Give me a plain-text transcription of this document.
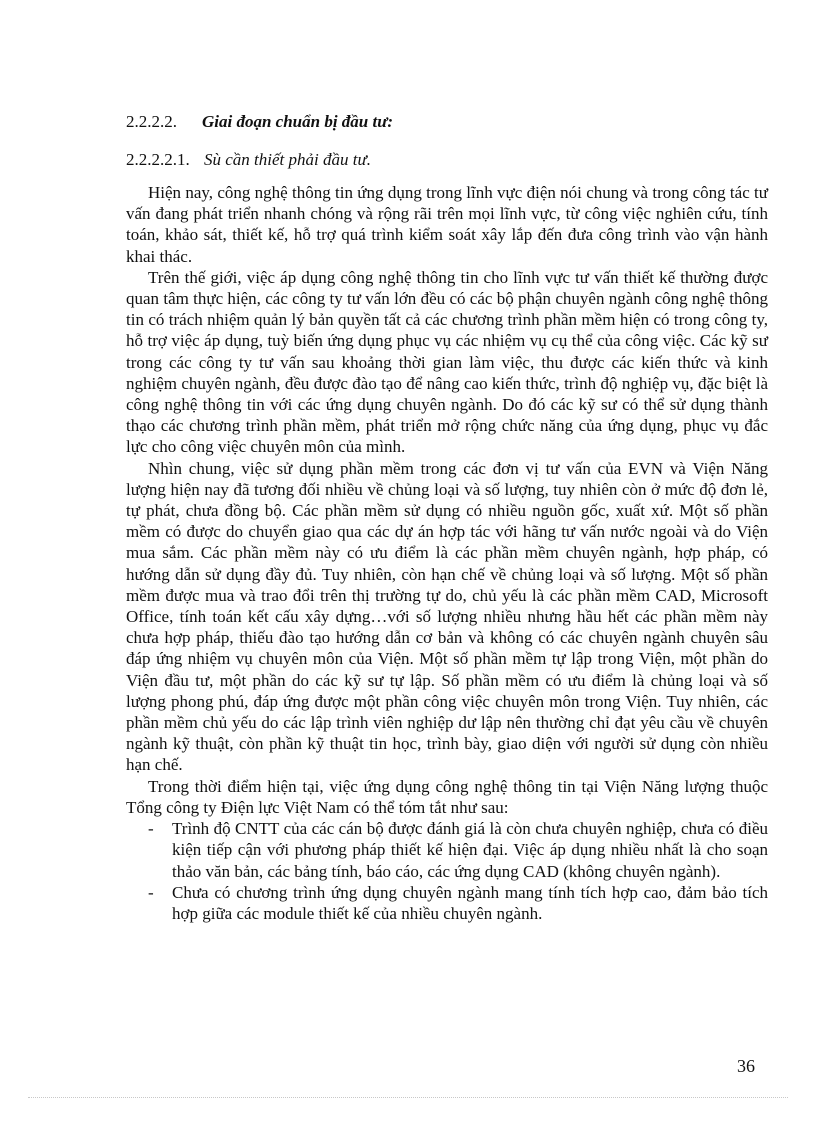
2.2.2.2. Giai đoạn chuẩn bị đầu tư:
2.2.2.2.1. Sù cần thiết phải đầu tư.

Hiện nay, công nghệ thông tin ứng dụng trong lĩnh vực điện nói chung và trong công tác tư vấn đang phát triển nhanh chóng và rộng rãi trên mọi lĩnh vực, từ công việc nghiên cứu, tính toán, khảo sát, thiết kế, hỗ trợ quá trình kiểm soát xây lắp đến đưa công trình vào vận hành khai thác.

Trên thế giới, việc áp dụng công nghệ thông tin cho lĩnh vực tư vấn thiết kế thường được quan tâm thực hiện, các công ty tư vấn lớn đều có các bộ phận chuyên ngành công nghệ thông tin có trách nhiệm quản lý bản quyền tất cả các chương trình phần mềm hiện có trong công ty, hỗ trợ việc áp dụng, tuỳ biến ứng dụng phục vụ các nhiệm vụ cụ thể của công việc. Các kỹ sư trong các công ty tư vấn sau khoảng thời gian làm việc, thu được các kiến thức và kinh nghiệm chuyên ngành, đều được đào tạo để nâng cao kiến thức, trình độ nghiệp vụ, đặc biệt là công nghệ thông tin với các ứng dụng chuyên ngành. Do đó các kỹ sư có thể sử dụng thành thạo các chương trình phần mềm, phát triển mở rộng chức năng của ứng dụng, phục vụ đắc lực cho công việc chuyên môn của mình.

Nhìn chung, việc sử dụng phần mềm trong các đơn vị tư vấn của EVN và Viện Năng lượng hiện nay đã tương đối nhiều về chủng loại và số lượng, tuy nhiên còn ở mức độ đơn lẻ, tự phát, chưa đồng bộ. Các phần mềm sử dụng có nhiều nguồn gốc, xuất xứ. Một số phần mềm có được do chuyển giao qua các dự án hợp tác với hãng tư vấn nước ngoài và do Viện mua sắm. Các phần mềm này có ưu điểm là các phần mềm chuyên ngành, hợp pháp, có hướng dẫn sử dụng đầy đủ. Tuy nhiên, còn hạn chế về chủng loại và số lượng. Một số phần mềm được mua và trao đổi trên thị trường tự do, chủ yếu là các phần mềm CAD, Microsoft Office, tính toán kết cấu xây dựng…với số lượng nhiều nhưng hầu hết các phần mềm này chưa hợp pháp, thiếu đào tạo hướng dẫn cơ bản và không có các chuyên ngành chuyên sâu đáp ứng nhiệm vụ chuyên môn của Viện. Một số phần mềm tự lập trong Viện, một phần do Viện đầu tư, một phần do các kỹ sư tự lập. Số phần mềm có ưu điểm là chủng loại và số lượng phong phú, đáp ứng được một phần công việc chuyên môn trong Viện. Tuy nhiên, các phần mềm chủ yếu do các lập trình viên nghiệp dư lập nên thường chỉ đạt yêu cầu về chuyên ngành kỹ thuật, còn phần kỹ thuật tin học, trình bày, giao diện với người sử dụng còn nhiều hạn chế.

Trong thời điểm hiện tại, việc ứng dụng công nghệ thông tin tại Viện Năng lượng thuộc Tổng công ty Điện lực Việt Nam có thể tóm tắt như sau:

- Trình độ CNTT của các cán bộ được đánh giá là còn chưa chuyên nghiệp, chưa có điều kiện tiếp cận với phương pháp thiết kế hiện đại. Việc áp dụng nhiều nhất là cho soạn thảo văn bản, các bảng tính, báo cáo, các ứng dụng CAD (không chuyên ngành).
- Chưa có chương trình ứng dụng chuyên ngành mang tính tích hợp cao, đảm bảo tích hợp giữa các module thiết kế của nhiều chuyên ngành.
36
